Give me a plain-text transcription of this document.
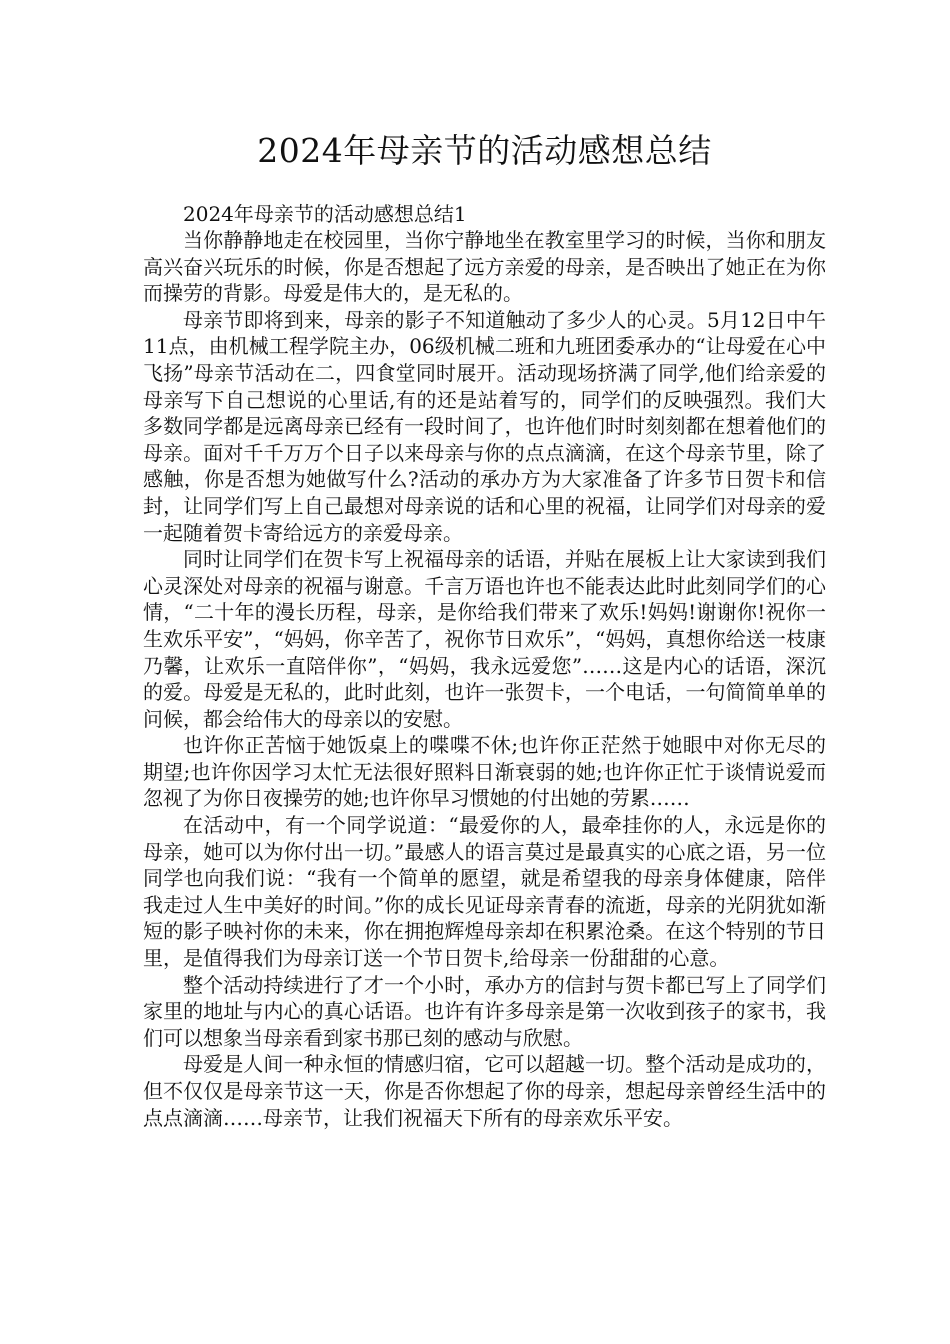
2024年母亲节的活动感想总结

2024年母亲节的活动感想总结1

当你静静地走在校园里，当你宁静地坐在教室里学习的时候，当你和朋友高兴奋兴玩乐的时候，你是否想起了远方亲爱的母亲，是否映出了她正在为你而操劳的背影。母爱是伟大的，是无私的。

母亲节即将到来，母亲的影子不知道触动了多少人的心灵。5月12日中午11点，由机械工程学院主办，06级机械二班和九班团委承办的“让母爱在心中飞扬”母亲节活动在二，四食堂同时展开。活动现场挤满了同学,他们给亲爱的母亲写下自己想说的心里话,有的还是站着写的，同学们的反映强烈。我们大多数同学都是远离母亲已经有一段时间了，也许他们时时刻刻都在想着他们的母亲。面对千千万万个日子以来母亲与你的点点滴滴，在这个母亲节里，除了感触，你是否想为她做写什么?活动的承办方为大家准备了许多节日贺卡和信封，让同学们写上自己最想对母亲说的话和心里的祝福，让同学们对母亲的爱一起随着贺卡寄给远方的亲爱母亲。

同时让同学们在贺卡写上祝福母亲的话语，并贴在展板上让大家读到我们心灵深处对母亲的祝福与谢意。千言万语也许也不能表达此时此刻同学们的心情，“二十年的漫长历程，母亲，是你给我们带来了欢乐!妈妈!谢谢你!祝你一生欢乐平安”，“妈妈，你辛苦了，祝你节日欢乐”，“妈妈，真想你给送一枝康乃馨，让欢乐一直陪伴你”，“妈妈，我永远爱您”……这是内心的话语，深沉的爱。母爱是无私的，此时此刻，也许一张贺卡，一个电话，一句简简单单的问候，都会给伟大的母亲以的安慰。

也许你正苦恼于她饭桌上的喋喋不休;也许你正茫然于她眼中对你无尽的期望;也许你因学习太忙无法很好照料日渐衰弱的她;也许你正忙于谈情说爱而忽视了为你日夜操劳的她;也许你早习惯她的付出她的劳累……

在活动中，有一个同学说道：“最爱你的人，最牵挂你的人，永远是你的母亲，她可以为你付出一切。”最感人的语言莫过是最真实的心底之语，另一位同学也向我们说：“我有一个简单的愿望，就是希望我的母亲身体健康，陪伴我走过人生中美好的时间。”你的成长见证母亲青春的流逝，母亲的光阴犹如渐短的影子映衬你的未来，你在拥抱辉煌母亲却在积累沧桑。在这个特别的节日里，是值得我们为母亲订送一个节日贺卡,给母亲一份甜甜的心意。

整个活动持续进行了才一个小时，承办方的信封与贺卡都已写上了同学们家里的地址与内心的真心话语。也许有许多母亲是第一次收到孩子的家书，我们可以想象当母亲看到家书那已刻的感动与欣慰。

母爱是人间一种永恒的情感归宿，它可以超越一切。整个活动是成功的，但不仅仅是母亲节这一天，你是否你想起了你的母亲，想起母亲曾经生活中的点点滴滴……母亲节，让我们祝福天下所有的母亲欢乐平安。
